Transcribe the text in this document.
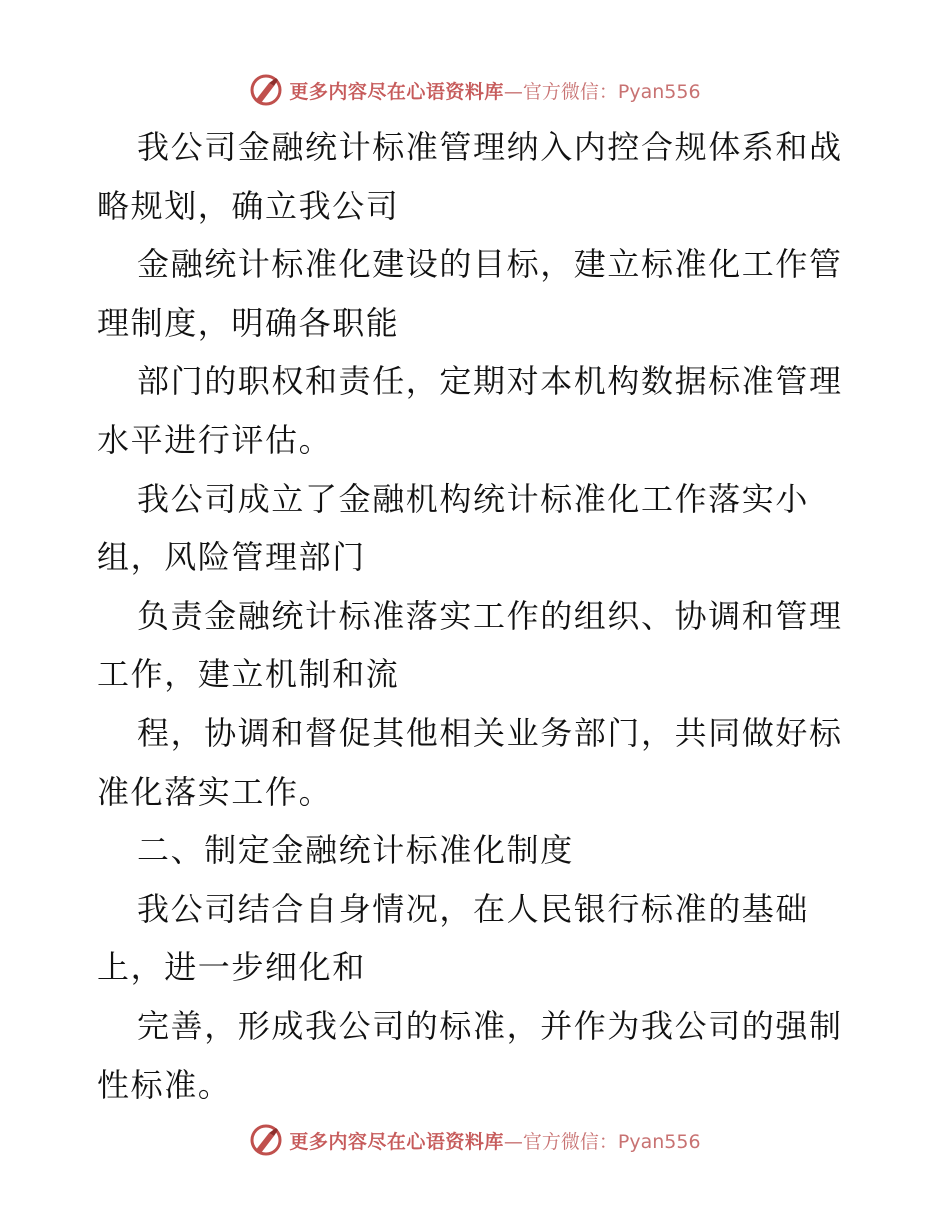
更多内容尽在心语资料库 —官方微信：Pyan556

我公司金融统计标准管理纳入内控合规体系和战

略规划，确立我公司

金融统计标准化建设的目标，建立标准化工作管

理制度，明确各职能

部门的职权和责任，定期对本机构数据标准管理

水平进行评估。

我公司成立了金融机构统计标准化工作落实小

组，风险管理部门

负责金融统计标准落实工作的组织、协调和管理

工作，建立机制和流

程，协调和督促其他相关业务部门，共同做好标

准化落实工作。

二、制定金融统计标准化制度

我公司结合自身情况，在人民银行标准的基础

上，进一步细化和

完善，形成我公司的标准，并作为我公司的强制

性标准。

更多内容尽在心语资料库 —官方微信：Pyan556
